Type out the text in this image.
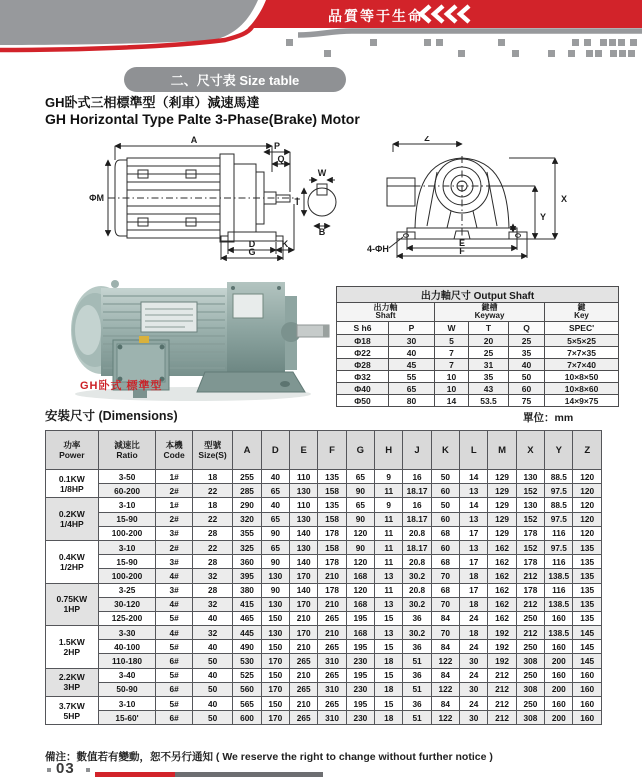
品質等于生命
二、尺寸表 Size table
GH卧式三相標準型（剎車）減速馬達
GH Horizontal Type Palte 3-Phase(Brake) Motor
A
ΦM
P
Q
D	K
G
W
T
B
Z
X
Y
E
F
4-ΦH
GH卧式 標準型
出力軸尺寸 Output Shaft					

出力軸
Shaft

鍵槽
Keyway

鍵
Key

S h6	P	W	T	Q	SPEC'
Φ18	30	5	20	25	5×5×25
Φ22	40	7	25	35	7×7×35
Φ28	45	7	31	40	7×7×40
Φ32	55	10	35	50	10×8×50
Φ40	65	10	43	60	10×8×60
Φ50	80	14	53.5	75	14×9×75
安裝尺寸 (Dimensions)	單位：mm
功率
Power

減速比
Ratio

本機
Code

型號
Size(S)	A	D	E	F	G	H	J	K	L	M	X	Y	Z

0.1KW
1/8HP	3-50	1#	18	255	40	110	135	65	9	16	50	14	129	130	88.5	120
	60-200	2#	22	285	65	130	158	90	11	18.17	60	13	129	152	97.5	120

0.2KW
1/4HP	3-10	1#	18	290	40	110	135	65	9	16	50	14	129	130	88.5	120
	15-90	2#	22	320	65	130	158	90	11	18.17	60	13	129	152	97.5	120
	100-200	3#	28	355	90	140	178	120	11	20.8	68	17	129	178	116	120

0.4KW
1/2HP	3-10	2#	22	325	65	130	158	90	11	18.17	60	13	162	152	97.5	135
	15-90	3#	28	360	90	140	178	120	11	20.8	68	17	162	178	116	135
	100-200	4#	32	395	130	170	210	168	13	30.2	70	18	162	212	138.5	135

0.75KW
1HP	3-25	3#	28	380	90	140	178	120	11	20.8	68	17	162	178	116	135
	30-120	4#	32	415	130	170	210	168	13	30.2	70	18	162	212	138.5	135
	125-200	5#	40	465	150	210	265	195	15	36	84	24	162	250	160	135

1.5KW
2HP	3-30	4#	32	445	130	170	210	168	13	30.2	70	18	192	212	138.5	145
	40-100	5#	40	490	150	210	265	195	15	36	84	24	192	250	160	145
	110-180	6#	50	530	170	265	310	230	18	51	122	30	192	308	200	145

2.2KW
3HP	3-40	5#	40	525	150	210	265	195	15	36	84	24	212	250	160	160
	50-90	6#	50	560	170	265	310	230	18	51	122	30	212	308	200	160

3.7KW
5HP	3-10	5#	40	565	150	210	265	195	15	36	84	24	212	250	160	160
	15-60'	6#	50	600	170	265	310	230	18	51	122	30	212	308	200	160
備注：數值若有變動，恕不另行通知 ( We reserve the right to change without further notice )
03
